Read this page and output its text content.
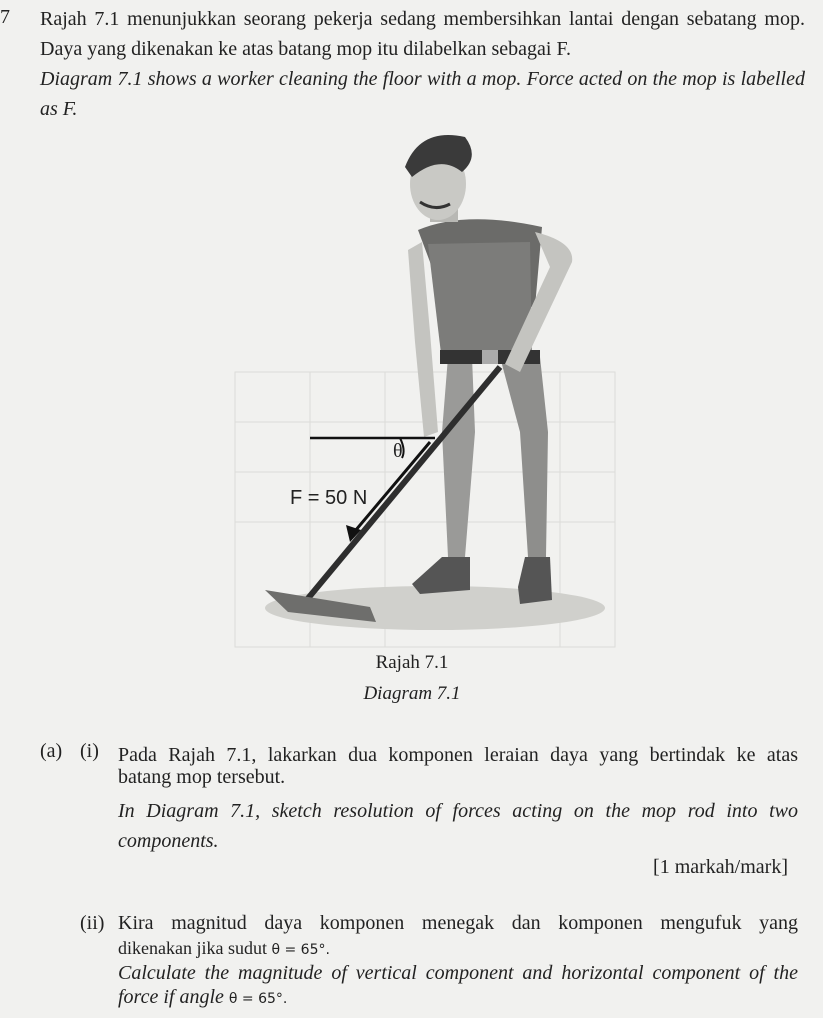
7 Rajah 7.1 menunjukkan seorang pekerja sedang membersihkan lantai dengan sebatang mop. Daya yang dikenakan ke atas batang mop itu dilabelkan sebagai F.
Diagram 7.1 shows a worker cleaning the floor with a mop. Force acted on the mop is labelled as F.
θ
F = 50 N
Rajah 7.1
Diagram 7.1
(a) (i) Pada Rajah 7.1, lakarkan dua komponen leraian daya yang bertindak ke atas
batang mop tersebut.
In Diagram 7.1, sketch resolution of forces acting on the mop rod into two components.
[1 markah/mark]
(ii) Kira magnitud daya komponen menegak dan komponen mengufuk yang
dikenakan jika sudut θ = 65°.
Calculate the magnitude of vertical component and horizontal component of the
force if angle θ = 65°.
